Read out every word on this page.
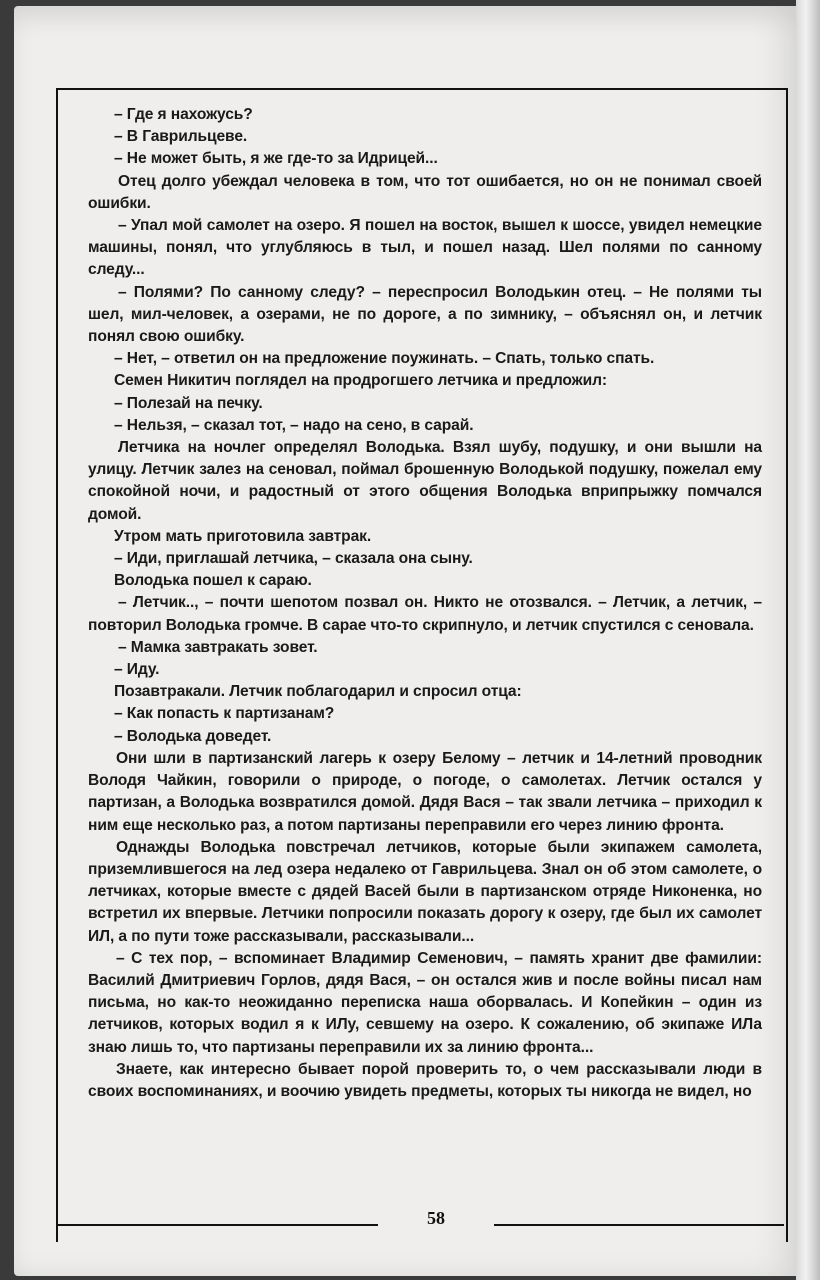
– Где я нахожусь?

– В Гаврильцеве.

– Не может быть, я же где-то за Идрицей...

Отец долго убеждал человека в том, что тот ошибается, но он не понимал своей ошибки.

– Упал мой самолет на озеро. Я пошел на восток, вышел к шоссе, увидел немецкие машины, понял, что углубляюсь в тыл, и пошел назад. Шел полями по санному следу...

– Полями? По санному следу? – переспросил Володькин отец. – Не полями ты шел, мил-человек, а озерами, не по дороге, а по зимнику, – объяснял он, и летчик понял свою ошибку.

– Нет, – ответил он на предложение поужинать. – Спать, только спать.

Семен Никитич поглядел на продрогшего летчика и предложил:

– Полезай на печку.

– Нельзя, – сказал тот, – надо на сено, в сарай.

Летчика на ночлег определял Володька. Взял шубу, подушку, и они вышли на улицу. Летчик залез на сеновал, поймал брошенную Володькой подушку, пожелал ему спокойной ночи, и радостный от этого общения Володька вприпрыжку помчался домой.

Утром мать приготовила завтрак.

– Иди, приглашай летчика, – сказала она сыну.

Володька пошел к сараю.

– Летчик.., – почти шепотом позвал он. Никто не отозвался. – Летчик, а летчик, – повторил Володька громче. В сарае что-то скрипнуло, и летчик спустился с сеновала.

– Мамка завтракать зовет.

– Иду.

Позавтракали. Летчик поблагодарил и спросил отца:

– Как попасть к партизанам?

– Володька доведет.

Они шли в партизанский лагерь к озеру Белому – летчик и 14-летний проводник Володя Чайкин, говорили о природе, о погоде, о самолетах. Летчик остался у партизан, а Володька возвратился домой. Дядя Вася – так звали летчика – приходил к ним еще несколько раз, а потом партизаны переправили его через линию фронта.

Однажды Володька повстречал летчиков, которые были экипажем самолета, приземлившегося на лед озера недалеко от Гаврильцева. Знал он об этом самолете, о летчиках, которые вместе с дядей Васей были в партизанском отряде Никоненка, но встретил их впервые. Летчики попросили показать дорогу к озеру, где был их самолет ИЛ, а по пути тоже рассказывали, рассказывали...

– С тех пор, – вспоминает Владимир Семенович, – память хранит две фамилии: Василий Дмитриевич Горлов, дядя Вася, – он остался жив и после войны писал нам письма, но как-то неожиданно переписка наша оборвалась. И Копейкин – один из летчиков, которых водил я к ИЛу, севшему на озеро. К сожалению, об экипаже ИЛа знаю лишь то, что партизаны переправили их за линию фронта...

Знаете, как интересно бывает порой проверить то, о чем рассказывали люди в своих воспоминаниях, и воочию увидеть предметы, которых ты никогда не видел, но

58
